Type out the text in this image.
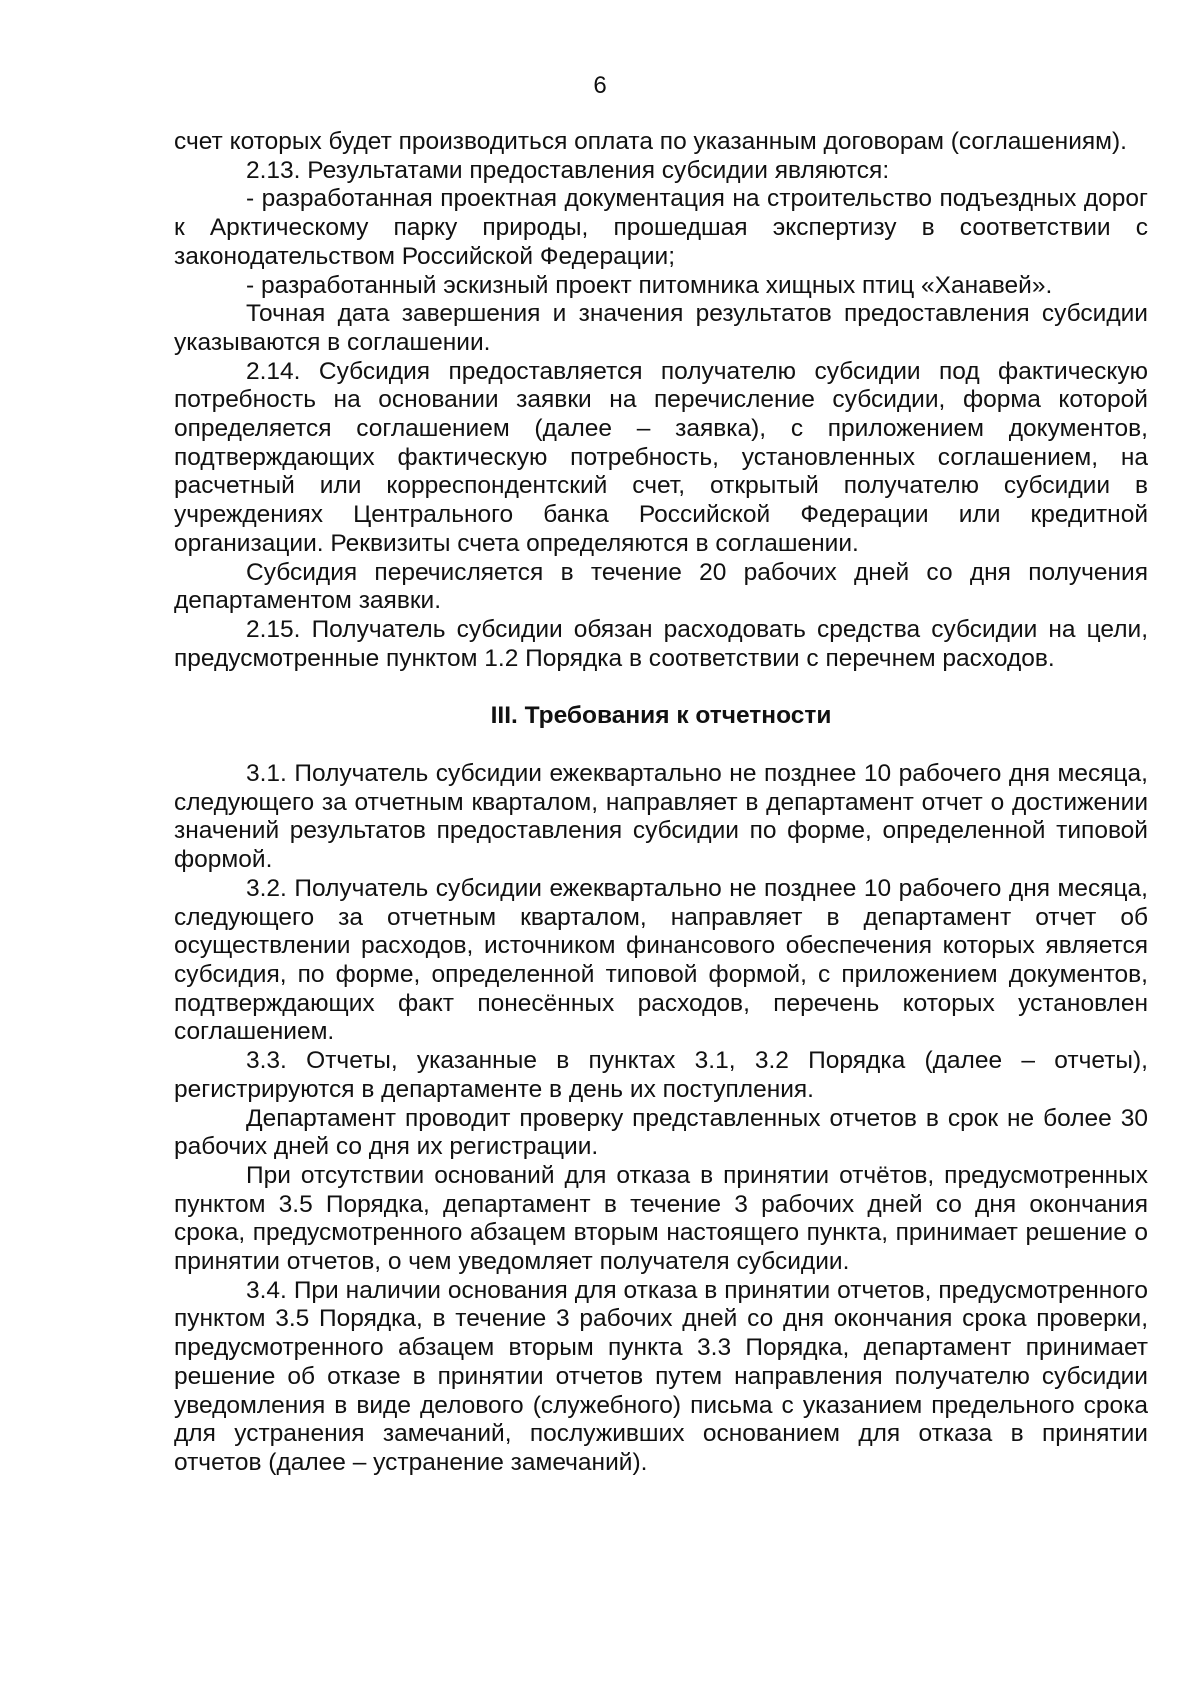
6

счет которых будет производиться оплата по указанным договорам (соглашениям).

2.13. Результатами предоставления субсидии являются:

- разработанная проектная документация на строительство подъездных дорог к Арктическому парку природы, прошедшая экспертизу в соответствии с законодательством Российской Федерации;

- разработанный эскизный проект питомника хищных птиц «Ханавей».

Точная дата завершения и значения результатов предоставления субсидии указываются в соглашении.

2.14. Субсидия предоставляется получателю субсидии под фактическую потребность на основании заявки на перечисление субсидии, форма которой определяется соглашением (далее – заявка), с приложением документов, подтверждающих фактическую потребность, установленных соглашением, на расчетный или корреспондентский счет, открытый получателю субсидии в учреждениях Центрального банка Российской Федерации или кредитной организации. Реквизиты счета определяются в соглашении.

Субсидия перечисляется в течение 20 рабочих дней со дня получения департаментом заявки.

2.15. Получатель субсидии обязан расходовать средства субсидии на цели, предусмотренные пунктом 1.2 Порядка в соответствии с перечнем расходов.

III. Требования к отчетности

3.1. Получатель субсидии ежеквартально не позднее 10 рабочего дня месяца, следующего за отчетным кварталом, направляет в департамент отчет о достижении значений результатов предоставления субсидии по форме, определенной типовой формой.

3.2. Получатель субсидии ежеквартально не позднее 10 рабочего дня месяца, следующего за отчетным кварталом, направляет в департамент отчет об осуществлении расходов, источником финансового обеспечения которых является субсидия, по форме, определенной типовой формой, с приложением документов, подтверждающих факт понесённых расходов, перечень которых установлен соглашением.

3.3. Отчеты, указанные в пунктах 3.1, 3.2 Порядка (далее – отчеты), регистрируются в департаменте в день их поступления.

Департамент проводит проверку представленных отчетов в срок не более 30 рабочих дней со дня их регистрации.

При отсутствии оснований для отказа в принятии отчётов, предусмотренных пунктом 3.5 Порядка, департамент в течение 3 рабочих дней со дня окончания срока, предусмотренного абзацем вторым настоящего пункта, принимает решение о принятии отчетов, о чем уведомляет получателя субсидии.

3.4. При наличии основания для отказа в принятии отчетов, предусмотренного пунктом 3.5 Порядка, в течение 3 рабочих дней со дня окончания срока проверки, предусмотренного абзацем вторым пункта 3.3 Порядка, департамент принимает решение об отказе в принятии отчетов путем направления получателю субсидии уведомления в виде делового (служебного) письма с указанием предельного срока для устранения замечаний, послуживших основанием для отказа в принятии отчетов (далее – устранение замечаний).
